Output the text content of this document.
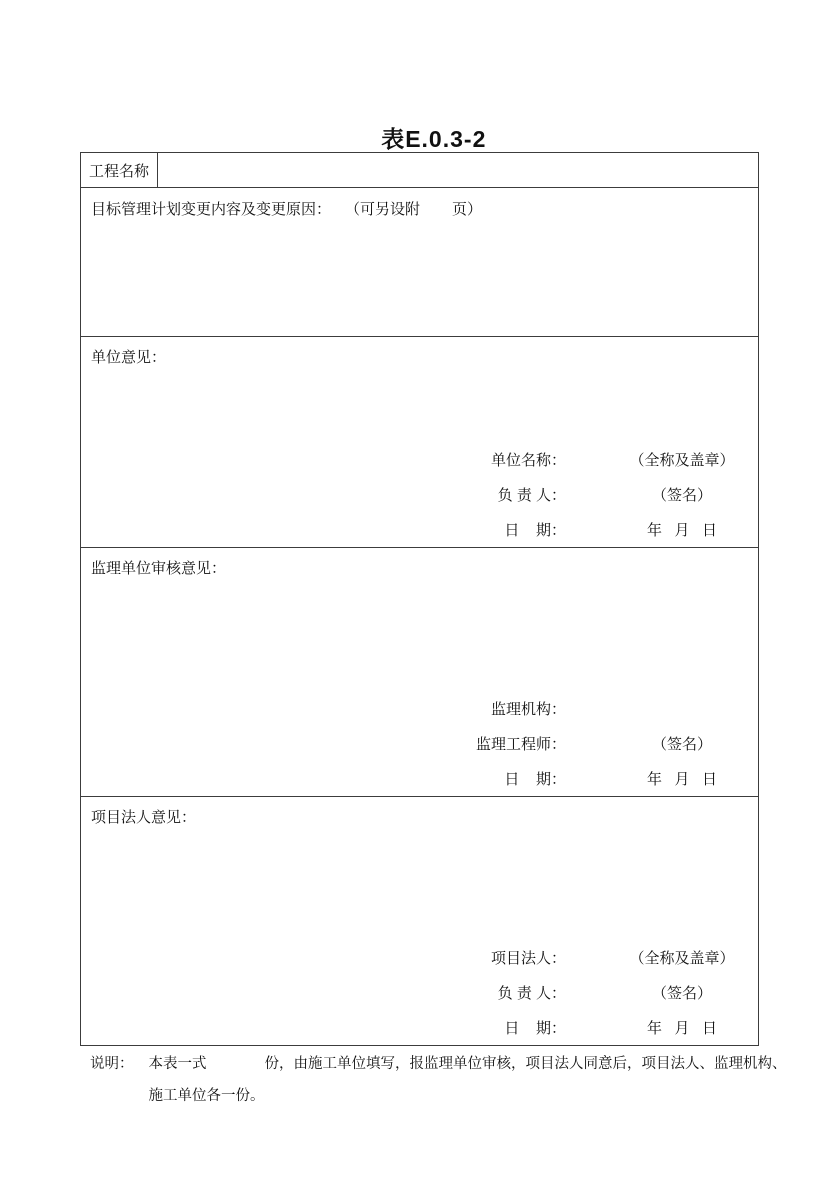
表E.0.3-2

工程名称
目标管理计划变更内容及变更原因： （可另设附 页）
单位意见：
单位名称：	（全称及盖章）
负 责 人：	（签名）
日    期：	年   月   日
监理单位审核意见：
监理机构：
监理工程师：	（签名）
日    期：	年   月   日
项目法人意见：
项目法人：	（全称及盖章）
负 责 人：	（签名）
日    期：	年   月   日
说明： 本表一式	份，由施工单位填写，报监理单位审核，项目法人同意后，项目法人、监理机构、
施工单位各一份。
